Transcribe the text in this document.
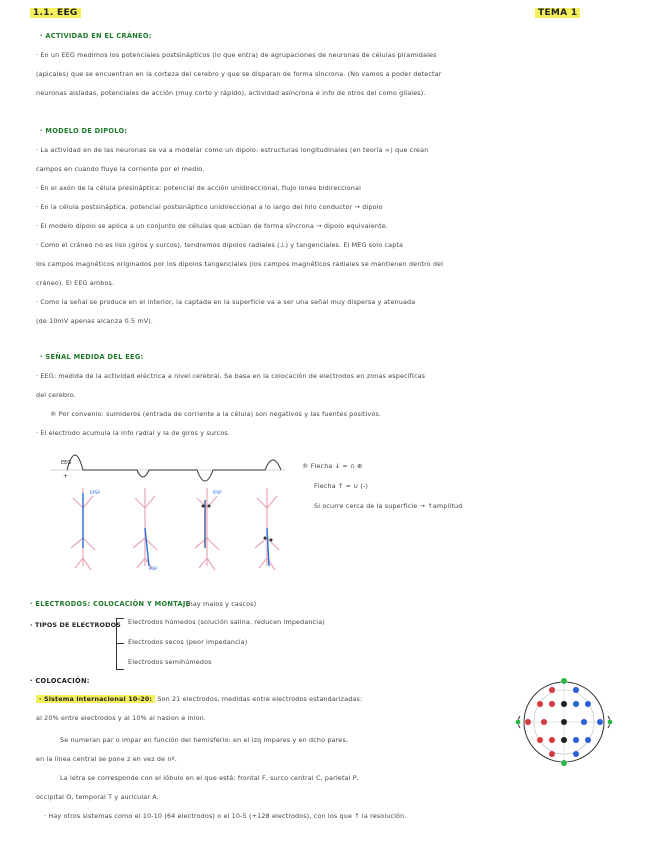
1.1. EEG	TEMA 1
· ACTIVIDAD EN EL CRÁNEO:
· En un EEG medimos los potenciales postsinápticos (lo que entra) de agrupaciones de neuronas de células piramidales
(apicales) que se encuentran en la corteza del cerebro y que se disparan de forma síncrona. (No vamos a poder detectar
neuronas aisladas, potenciales de acción (muy corto y rápido), actividad asíncrona e info de otros del como glíales).
· MODELO DE DIPOLO:
· La actividad en de las neuronas se va a modelar como un dipolo: estructuras longitudinales (en teoría ∞) que crean
campos en cuando fluye la corriente por el medio.
· En el axón de la célula presináptica: potencial de acción unidireccional, flujo iones bidireccional
· En la célula postsináptica, potencial postsináptico unidireccional a lo largo del hilo conductor → dipolo
· El modelo dipolo se aplica a un conjunto de células que actúan de forma síncrona → dipolo equivalente.
· Como el cráneo no es liso (giros y surcos), tendremos dipolos radiales (⊥) y tangenciales. El MEG solo capta
los campos magnéticos originados por los dipolos tangenciales (los campos magnéticos radiales se mantienen dentro del
cráneo). El EEG ambos.
· Como la señal se produce en el interior, la captada en la superficie va a ser una señal muy dispersa y atenuada
(de 10mV apenas alcanza 0.5 mV).
· SEÑAL MEDIDA DEL EEG:
· EEG: medida de la actividad eléctrica a nivel cerebral. Se basa en la colocación de electrodos en zonas específicas
del cerebro.
® Por convenio: sumideros (entrada de corriente a la célula) son negativos y las fuentes positivos.
· El electrodo acumula la info radial y la de giros y surcos.
EEG
+
EPSP
IPSP
IPSP
® Flecha ↓ = ∩ ⊕
Flecha ↑ = ∪ (-)
Si ocurre cerca de la superficie → ↑amplitud
· ELECTRODOS: COLOCACIÓN Y MONTAJE
(hay malos y cascos)
· TIPOS DE ELECTRODOS Electrodos húmedos (solución salina, reducen impedancia)
Electrodos secos (peor impedancia)
Electrodos semihúmedos
· COLOCACIÓN:
· Sistema internacional 10-20: Son 21 electrodos, medidas entre electrodos estandarizadas:
al 20% entre electrodos y al 10% al nasion e inion.
Se numeran par o impar en función del hemisferio: en el izq impares y en dcho pares,
en la línea central se pone z en vez de nº.
La letra se corresponde con el lóbulo en el que está: frontal F, surco central C, parietal P,
occipital O, temporal T y auricular A.
· Hay otros sistemas como el 10-10 (64 electrodos) o el 10-5 (+128 electrodos), con los que ↑ la resolución.
